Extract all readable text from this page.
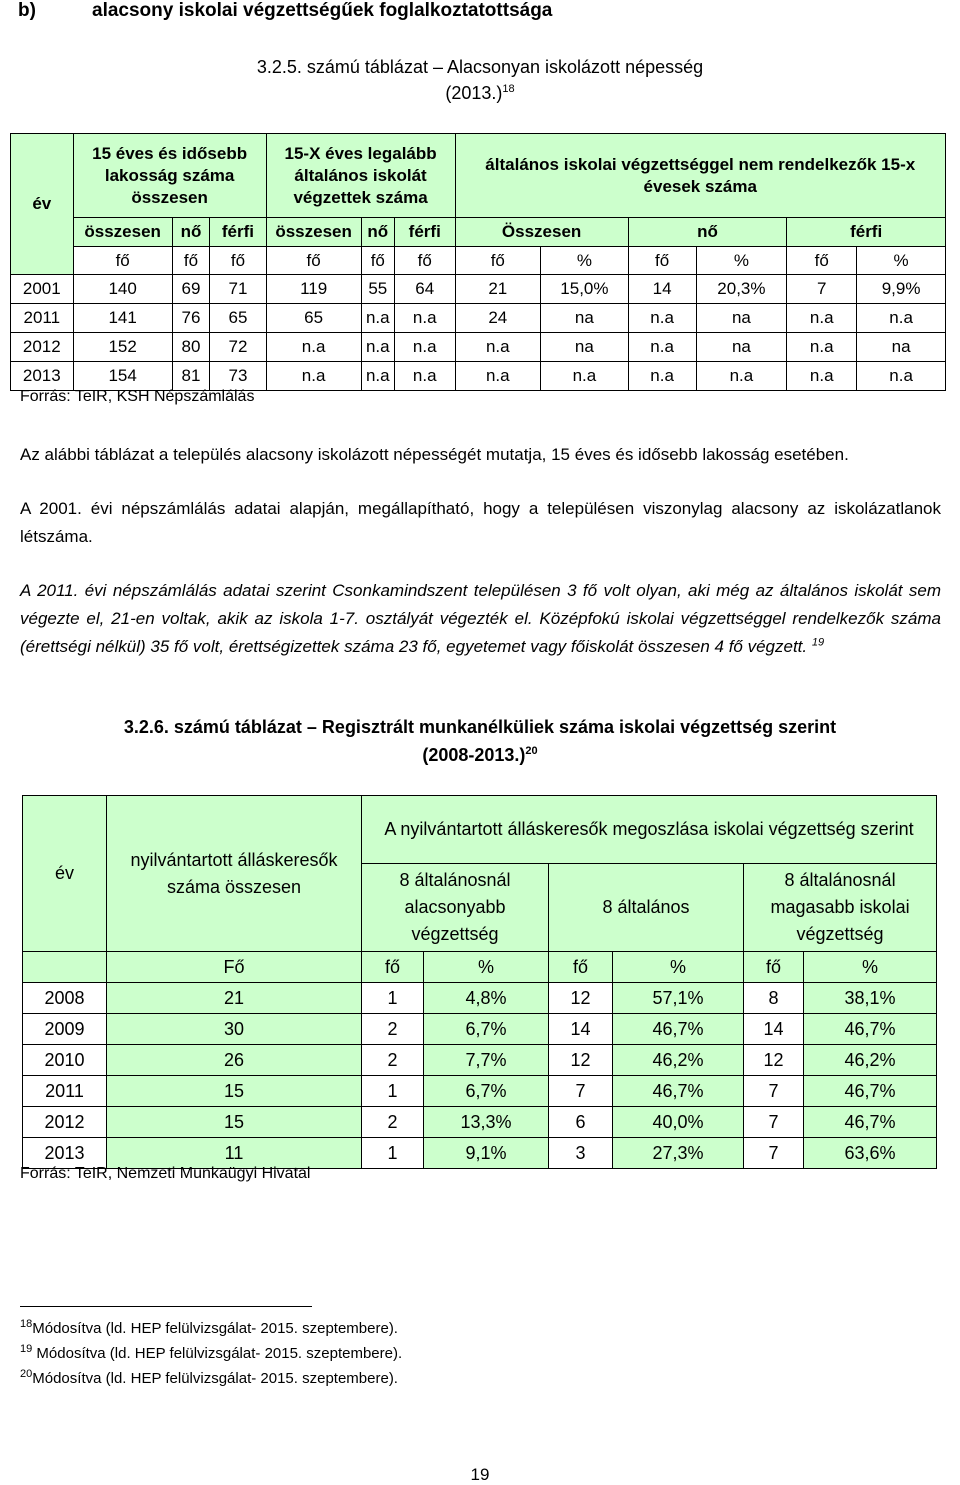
b)	alacsony iskolai végzettségűek foglalkoztatottsága
3.2.5. számú táblázat – Alacsonyan iskolázott népesség
$(2013.)^{18}$
év	15 éves és idősebb lakosság száma összesen			15-X éves legalább általános iskolát végzettek száma			általános iskolai végzettséggel nem rendelkezők 15-x évesek száma					
	összesen	nő	férfi	összesen	nő	férfi	Összesen		nő		férfi	
	fő	fő	fő	fő	fő	fő	fő	%	fő	%	fő	%
2001	140	69	71	119	55	64	21	15,0%	14	20,3%	7	9,9%
2011	141	76	65	65	n.a	n.a	24	na	n.a	na	n.a	n.a
2012	152	80	72	n.a	n.a	n.a	n.a	na	n.a	na	n.a	na
2013	154	81	73	n.a	n.a	n.a	n.a	n.a	n.a	n.a	n.a	n.a
Forrás: TeIR, KSH Népszámlálás
Az alábbi táblázat a település alacsony iskolázott népességét mutatja, 15 éves és idősebb lakosság esetében.
A 2001. évi népszámlálás adatai alapján, megállapítható, hogy a településen viszonylag alacsony az iskolázatlanok létszáma.
A 2011. évi népszámlálás adatai szerint Csonkamindszent településen 3 fő volt olyan, aki még az általános iskolát sem végezte el, 21-en voltak, akik az iskola 1-7. osztályát végezték el. Középfokú iskolai végzettséggel rendelkezők száma (érettségi nélkül) 35 fő volt, érettségizettek száma 23 fő, egyetemet vagy főiskolát összesen 4 fő végzett. $^{19}$
3.2.6. számú táblázat – Regisztrált munkanélküliek száma iskolai végzettség szerint
$(2008-2013.)^{20}$
év	nyilvántartott álláskeresők száma összesen	A nyilvántartott álláskeresők megoszlása iskolai végzettség szerint					
		8 általánosnál alacsonyabb végzettség		8 általános		8 általánosnál magasabb iskolai végzettség	
	Fő	fő	%	fő	%	fő	%
2008	21	1	4,8%	12	57,1%	8	38,1%
2009	30	2	6,7%	14	46,7%	14	46,7%
2010	26	2	7,7%	12	46,2%	12	46,2%
2011	15	1	6,7%	7	46,7%	7	46,7%
2012	15	2	13,3%	6	40,0%	7	46,7%
2013	11	1	9,1%	3	27,3%	7	63,6%
Forrás: TeIR, Nemzeti Munkaügyi Hivatal
$^{18}$Módosítva (ld. HEP felülvizsgálat- 2015. szeptembere).
$^{19}$ Módosítva (ld. HEP felülvizsgálat- 2015. szeptembere).
$^{20}$Módosítva (ld. HEP felülvizsgálat- 2015. szeptembere).
19
